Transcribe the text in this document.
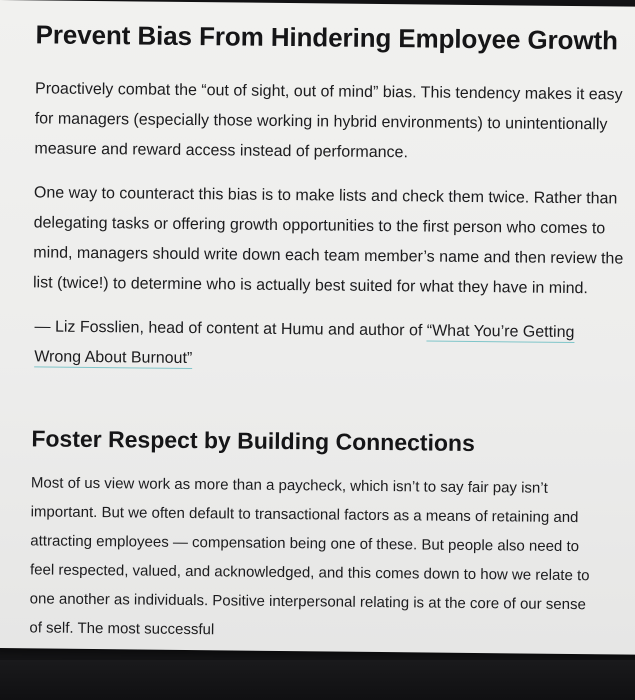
Prevent Bias From Hindering Employee Growth

Proactively combat the “out of sight, out of mind” bias. This tendency makes it easy for managers (especially those working in hybrid environments) to unintentionally measure and reward access instead of performance.

One way to counteract this bias is to make lists and check them twice. Rather than delegating tasks or offering growth opportunities to the first person who comes to mind, managers should write down each team member’s name and then review the list (twice!) to determine who is actually best suited for what they have in mind.

— Liz Fosslien, head of content at Humu and author of “What You’re Getting Wrong About Burnout”

Foster Respect by Building Connections

Most of us view work as more than a paycheck, which isn’t to say fair pay isn’t important. But we often default to transactional factors as a means of retaining and attracting employees — compensation being one of these. But people also need to feel respected, valued, and acknowledged, and this comes down to how we relate to one another as individuals. Positive interpersonal relating is at the core of our sense of self. The most successful
